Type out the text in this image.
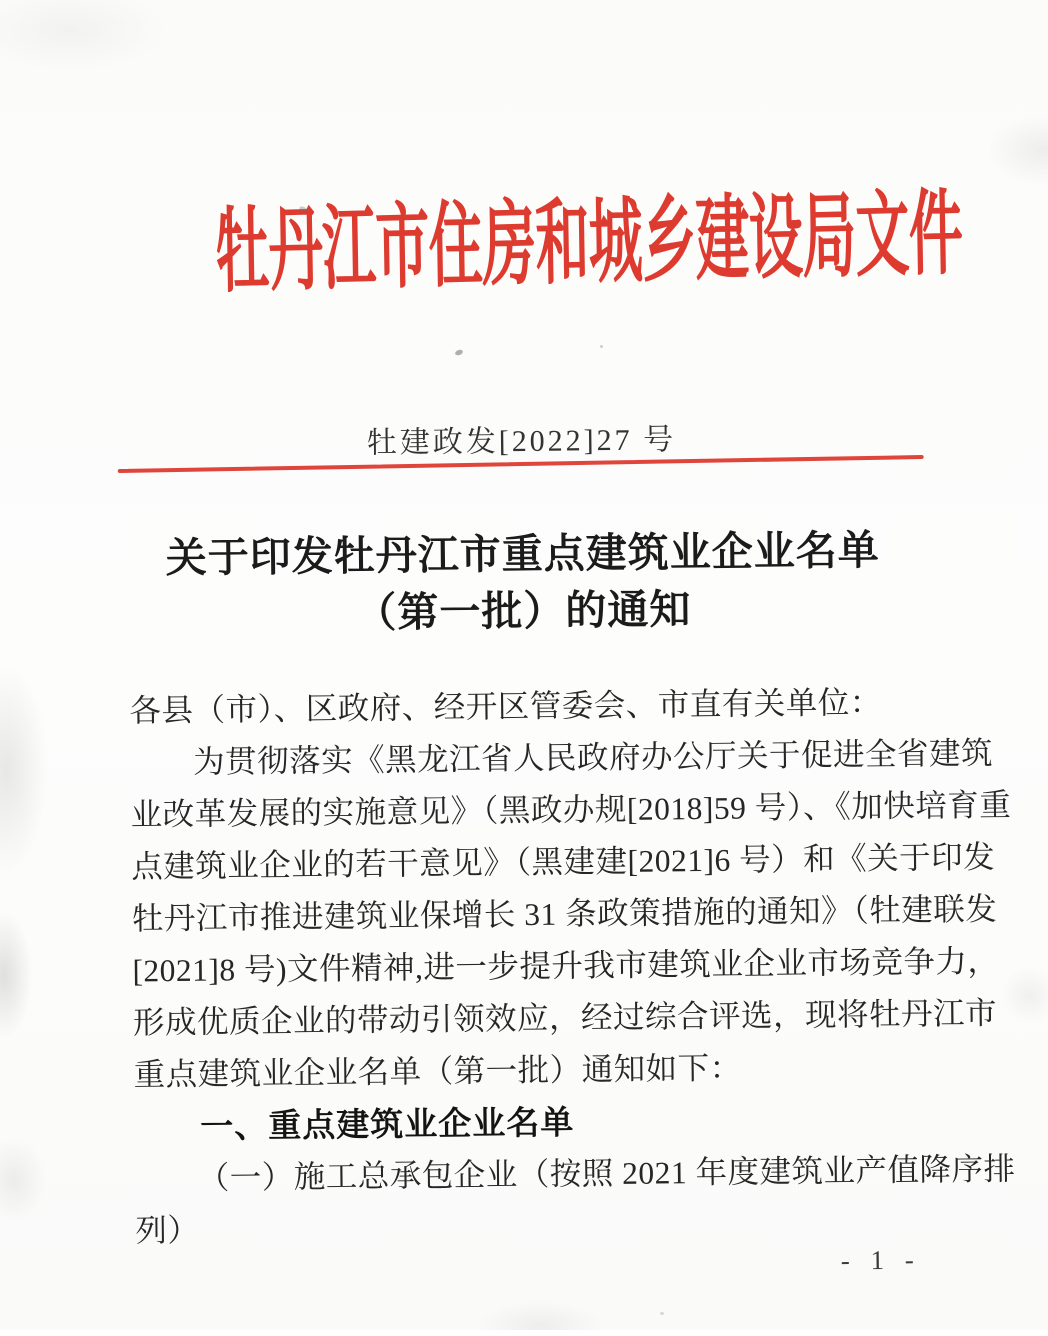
牡丹江市住房和城乡建设局文件
牡建政发[2022]27 号
关于印发牡丹江市重点建筑业企业名单
（第一批）的通知
各县（市）、区政府、经开区管委会、市直有关单位：
为贯彻落实《黑龙江省人民政府办公厅关于促进全省建筑
业改革发展的实施意见》（黑政办规[2018]59 号）、《加快培育重
点建筑业企业的若干意见》（黑建建[2021]6 号）和《关于印发
牡丹江市推进建筑业保增长 31 条政策措施的通知》（牡建联发
[2021]8 号)文件精神,进一步提升我市建筑业企业市场竞争力，
形成优质企业的带动引领效应，经过综合评选，现将牡丹江市
重点建筑业企业名单（第一批）通知如下：
一、重点建筑业企业名单
（一）施工总承包企业（按照 2021 年度建筑业产值降序排
列）
- 1 -
